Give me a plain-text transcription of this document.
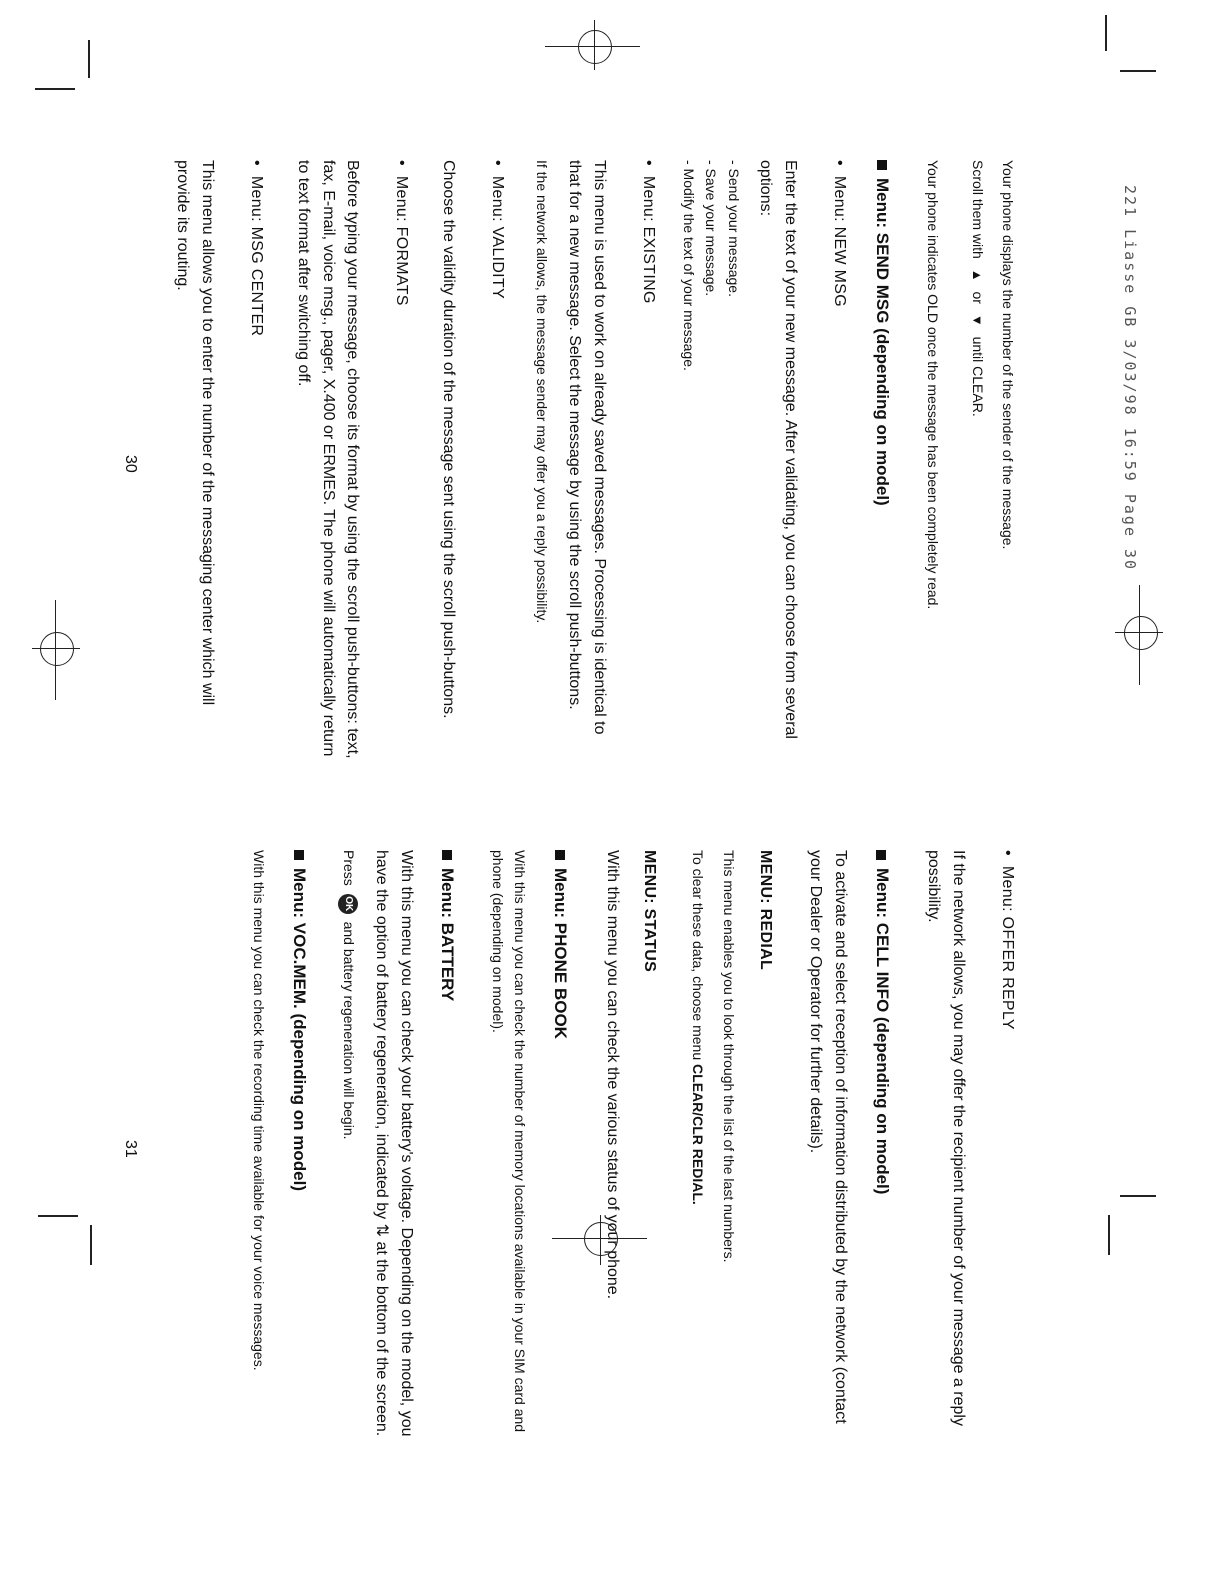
221 Liasse GB 3/03/98 16:59 Page 30
Your phone displays the number of the sender of the message.
Scroll them with ▲ or ▼ until CLEAR.
Your phone indicates OLD once the message has been completely read.
Menu: SEND MSG (depending on model)
• Menu: NEW MSG
Enter the text of your new message. After validating, you can choose from several options:
- Send your message.
- Save your message.
- Modify the text of your message.
• Menu: EXISTING
This menu is used to work on already saved messages. Processing is identical to that for a new message. Select the message by using the scroll push-buttons.
If the network allows, the message sender may offer you a reply possibility.
• Menu: VALIDITY
Choose the validity duration of the message sent using the scroll push-buttons.
• Menu: FORMATS
Before typing your message, choose its format by using the scroll push-buttons: text, fax, E-mail, voice msg., pager, X.400 or ERMES. The phone will automatically return to text format after switching off.
• Menu: MSG CENTER
This menu allows you to enter the number of the messaging center which will provide its routing.
30
• Menu: OFFER REPLY
If the network allows, you may offer the recipient number of your message a reply possibility.
Menu: CELL INFO (depending on model)
To activate and select reception of information distributed by the network (contact your Dealer or Operator for further details).
MENU: REDIAL
This menu enables you to look through the list of the last numbers.
To clear these data, choose menu CLEAR/CLR REDIAL.
MENU: STATUS
With this menu you can check the various status of your phone.
Menu: PHONE BOOK
With this menu you can check the number of memory locations available in your SIM card and phone (depending on model).
Menu: BATTERY
With this menu you can check your battery's voltage. Depending on the model, you have the option of battery regeneration, indicated by ⇅ at the bottom of the screen.
Press OK and battery regeneration will begin.
Menu: VOC.MEM. (depending on model)
With this menu you can check the recording time available for your voice messages.
31
